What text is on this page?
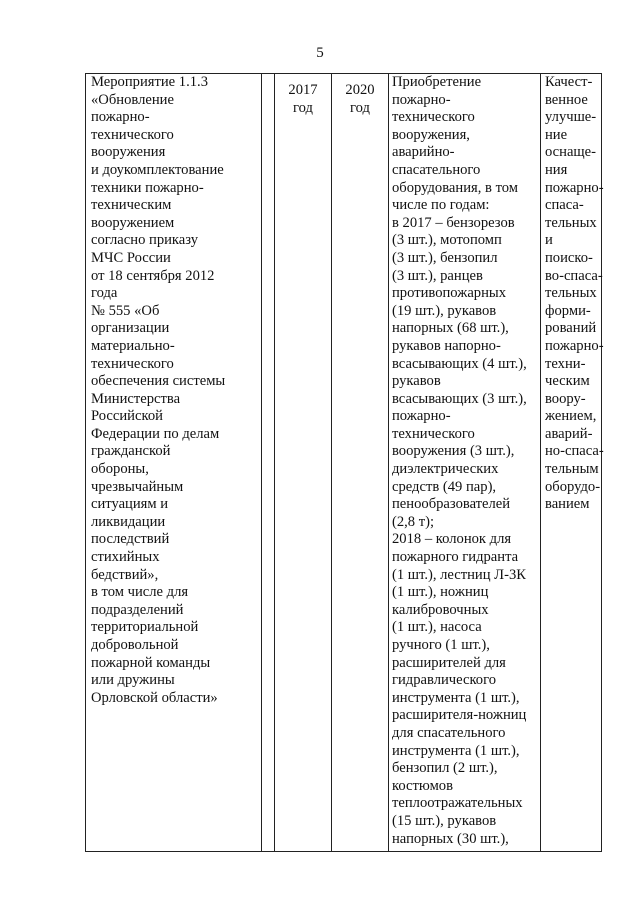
5
Мероприятие 1.1.3
«Обновление
пожарно-
технического
вооружения
и доукомплектование
техники пожарно-
техническим
вооружением
согласно приказу
МЧС России
от 18 сентября 2012
года
№ 555 «Об
организации
материально-
технического
обеспечения системы
Министерства
Российской
Федерации по делам
гражданской
обороны,
чрезвычайным
ситуациям и
ликвидации
последствий
стихийных
бедствий»,
в том числе для
подразделений
территориальной
добровольной
пожарной команды
или дружины
Орловской области»

2017
год

2020
год

Приобретение
пожарно-
технического
вооружения,
аварийно-
спасательного
оборудования, в том
числе по годам:
в 2017 – бензорезов
(3 шт.), мотопомп
(3 шт.), бензопил
(3 шт.), ранцев
противопожарных
(19 шт.), рукавов
напорных (68 шт.),
рукавов напорно-
всасывающих (4 шт.),
рукавов
всасывающих (3 шт.),
пожарно-
технического
вооружения (3 шт.),
диэлектрических
средств (49 пар),
пенообразователей
(2,8 т);
2018 – колонок для
пожарного гидранта
(1 шт.), лестниц Л-3К
(1 шт.), ножниц
калибровочных
(1 шт.), насоса
ручного (1 шт.),
расширителей для
гидравлического
инструмента (1 шт.),
расширителя-ножниц
для спасательного
инструмента (1 шт.),
бензопил (2 шт.),
костюмов
теплоотражательных
(15 шт.), рукавов
напорных (30 шт.),

Качест-
венное
улучше-
ние
оснаще-
ния
пожарно-
спаса-
тельных
и
поиско-
во-спаса-
тельных
форми-
рований
пожарно-
техни-
ческим
воору-
жением,
аварий-
но-спаса-
тельным
оборудо-
ванием
